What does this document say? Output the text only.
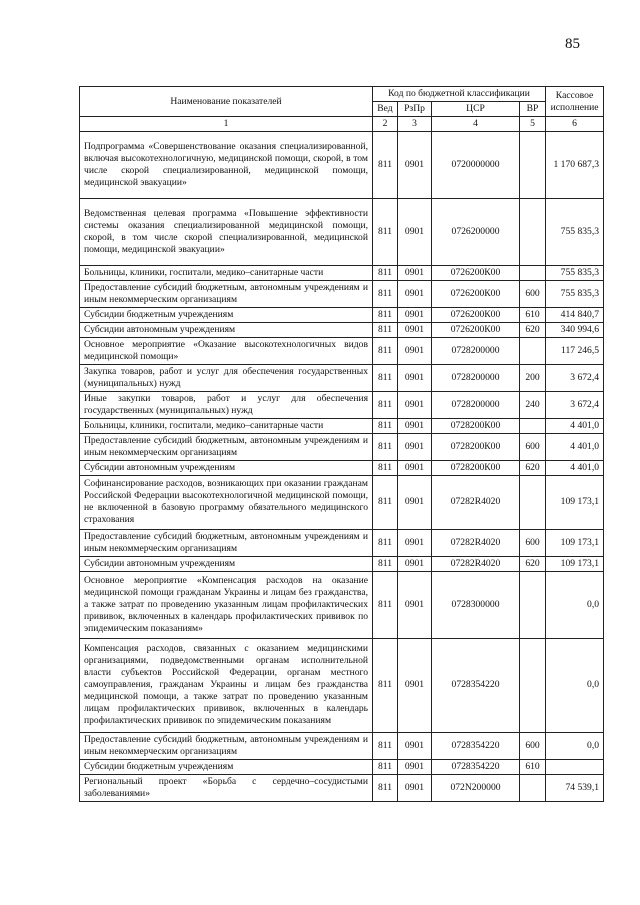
85
Наименование показателей	Код по бюджетной классификации				Кассовое исполнение
	Вед	РзПр	ЦСР	ВР	
1	2	3	4	5	6
Подпрограмма «Совершенствование оказания специализированной, включая высокотехнологичную, медицинской помощи, скорой, в том числе скорой специализированной, медицинской помощи, медицинской эвакуации»	811	0901	0720000000		1 170 687,3
Ведомственная целевая программа «Повышение эффективности системы оказания специализированной медицинской помощи, скорой, в том числе скорой специализированной, медицинской помощи, медицинской эвакуации»	811	0901	0726200000		755 835,3
Больницы, клиники, госпитали, медико–санитарные части	811	0901	0726200К00		755 835,3
Предоставление субсидий бюджетным, автономным учреждениям и иным некоммерческим организациям	811	0901	0726200К00	600	755 835,3
Субсидии бюджетным учреждениям	811	0901	0726200К00	610	414 840,7
Субсидии автономным учреждениям	811	0901	0726200К00	620	340 994,6
Основное мероприятие «Оказание высокотехнологичных видов медицинской помощи»	811	0901	0728200000		117 246,5
Закупка товаров, работ и услуг для обеспечения государственных (муниципальных) нужд	811	0901	0728200000	200	3 672,4
Иные закупки товаров, работ и услуг для обеспечения государственных (муниципальных) нужд	811	0901	0728200000	240	3 672,4
Больницы, клиники, госпитали, медико–санитарные части	811	0901	0728200К00		4 401,0
Предоставление субсидий бюджетным, автономным учреждениям и иным некоммерческим организациям	811	0901	0728200К00	600	4 401,0
Субсидии автономным учреждениям	811	0901	0728200К00	620	4 401,0
Софинансирование расходов, возникающих при оказании гражданам Российской Федерации высокотехнологичной медицинской помощи, не включенной в базовую программу обязательного медицинского страхования	811	0901	07282R4020		109 173,1
Предоставление субсидий бюджетным, автономным учреждениям и иным некоммерческим организациям	811	0901	07282R4020	600	109 173,1
Субсидии автономным учреждениям	811	0901	07282R4020	620	109 173,1
Основное мероприятие «Компенсация расходов на оказание медицинской помощи гражданам Украины и лицам без гражданства, а также затрат по проведению указанным лицам профилактических прививок, включенных в календарь профилактических прививок по эпидемическим показаниям»	811	0901	0728300000		0,0
Компенсация расходов, связанных с оказанием медицинскими организациями, подведомственными органам исполнительной власти субъектов Российской Федерации, органам местного самоуправления, гражданам Украины и лицам без гражданства медицинской помощи, а также затрат по проведению указанным лицам профилактических прививок, включенных в календарь профилактических прививок по эпидемическим показаниям	811	0901	0728354220		0,0
Предоставление субсидий бюджетным, автономным учреждениям и иным некоммерческим организациям	811	0901	0728354220	600	0,0
Субсидии бюджетным учреждениям	811	0901	0728354220	610	
Региональный проект «Борьба с сердечно–сосудистыми заболеваниями»	811	0901	072N200000		74 539,1
